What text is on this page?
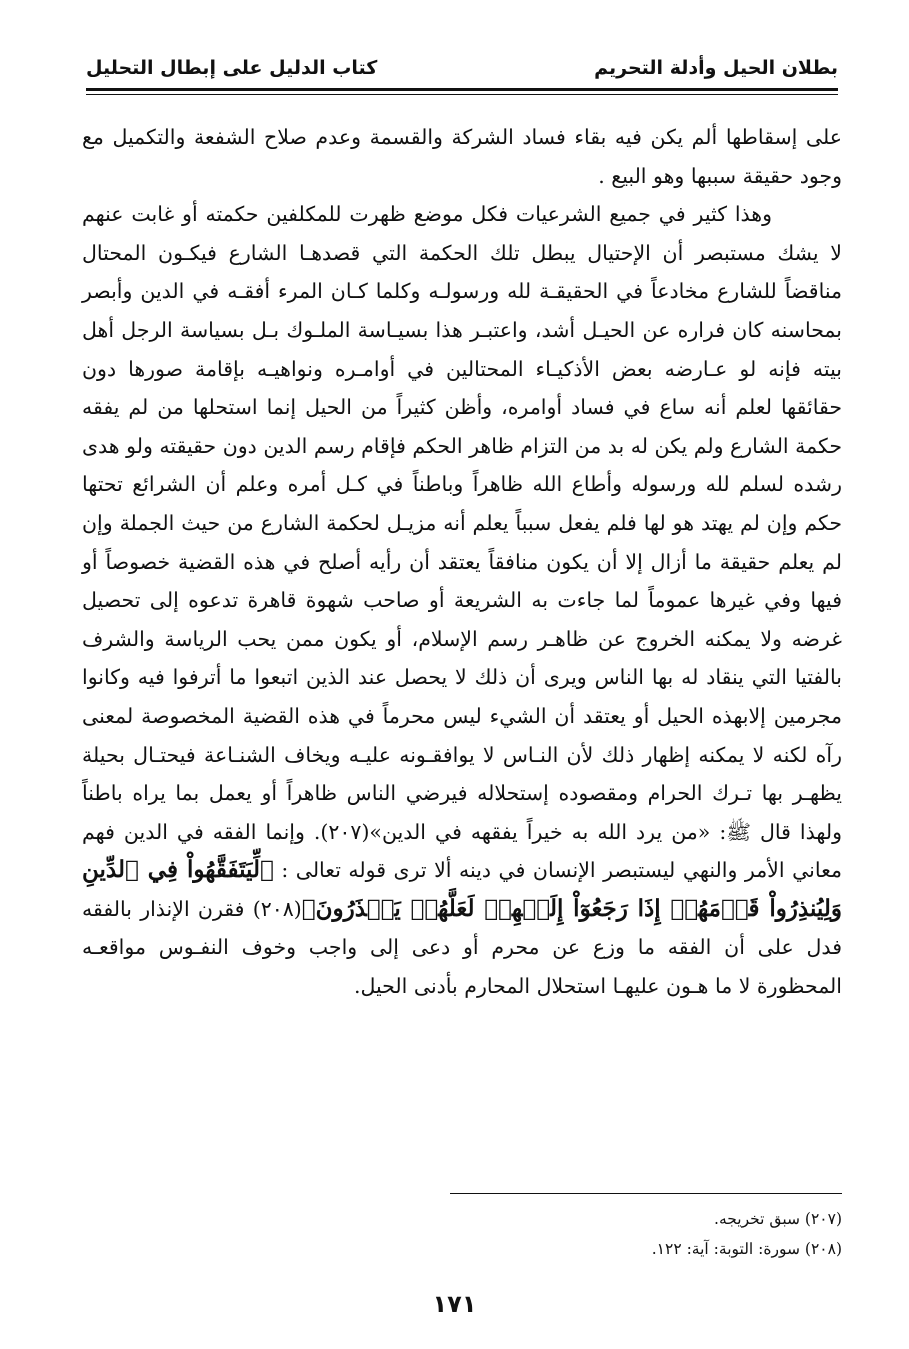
بطلان الحيل وأدلة التحريم
كتاب الدليل على إبطال التحليل

على إسقاطها ألم يكن فيه بقاء فساد الشركة والقسمة وعدم صلاح الشفعة والتكميل مع وجود حقيقة سببها وهو البيع .

وهذا كثير في جميع الشرعيات فكل موضع ظهرت للمكلفين حكمته أو غابت عنهم لا يشك مستبصر أن الإحتيال يبطل تلك الحكمة التي قصدهـا الشارع فيكـون المحتال مناقضاً للشارع مخادعاً في الحقيقـة لله ورسولـه وكلما كـان المرء أفقـه في الدين وأبصر بمحاسنه كان فراره عن الحيـل أشد، واعتبـر هذا بسيـاسة الملـوك بـل بسياسة الرجل أهل بيته فإنه لو عـارضه بعض الأذكيـاء المحتالين في أوامـره ونواهيـه بإقامة صورها دون حقائقها لعلم أنه ساع في فساد أوامره، وأظن كثيراً من الحيل إنما استحلها من لم يفقه حكمة الشارع ولم يكن له بد من التزام ظاهر الحكم فإقام رسم الدين دون حقيقته ولو هدى رشده لسلم لله ورسوله وأطاع الله ظاهراً وباطناً في كـل أمره وعلم أن الشرائع تحتها حكم وإن لم يهتد هو لها فلم يفعل سبباً يعلم أنه مزيـل لحكمة الشارع من حيث الجملة وإن لم يعلم حقيقة ما أزال إلا أن يكون منافقاً يعتقد أن رأيه أصلح في هذه القضية خصوصاً أو فيها وفي غيرها عموماً لما جاءت به الشريعة أو صاحب شهوة قاهرة تدعوه إلى تحصيل غرضه ولا يمكنه الخروج عن ظاهـر رسم الإسلام، أو يكون ممن يحب الرياسة والشرف بالفتيا التي ينقاد له بها الناس ويرى أن ذلك لا يحصل عند الذين اتبعوا ما أترفوا فيه وكانوا مجرمين إلابهذه الحيل أو يعتقد أن الشيء ليس محرماً في هذه القضية المخصوصة لمعنى رآه لكنه لا يمكنه إظهار ذلك لأن النـاس لا يوافقـونه عليـه ويخاف الشنـاعة فيحتـال بحيلة يظهـر بها تـرك الحرام ومقصوده إستحلاله فيرضي الناس ظاهراً أو يعمل بما يراه باطناً ولهذا قال ﷺ: «من يرد الله به خيراً يفقهه في الدين»(٢٠٧). وإنما الفقه في الدين فهم معاني الأمر والنهي ليستبصر الإنسان في دينه ألا ترى قوله تعالى : ﴿لِّيَتَفَقَّهُواْ فِي ٱلدِّينِ وَلِيُنذِرُواْ قَوۡمَهُمۡ إِذَا رَجَعُوٓاْ إِلَيۡهِمۡ لَعَلَّهُمۡ يَحۡذَرُونَ﴾(٢٠٨) فقرن الإنذار بالفقه فدل على أن الفقه ما وزع عن محرم أو دعى إلى واجب وخوف النفـوس مواقعـه المحظورة لا ما هـون عليهـا استحلال المحارم بأدنى الحيل.

(٢٠٧) سبق تخريجه.
(٢٠٨) سورة: التوبة: آية: ١٢٢.
١٧١
